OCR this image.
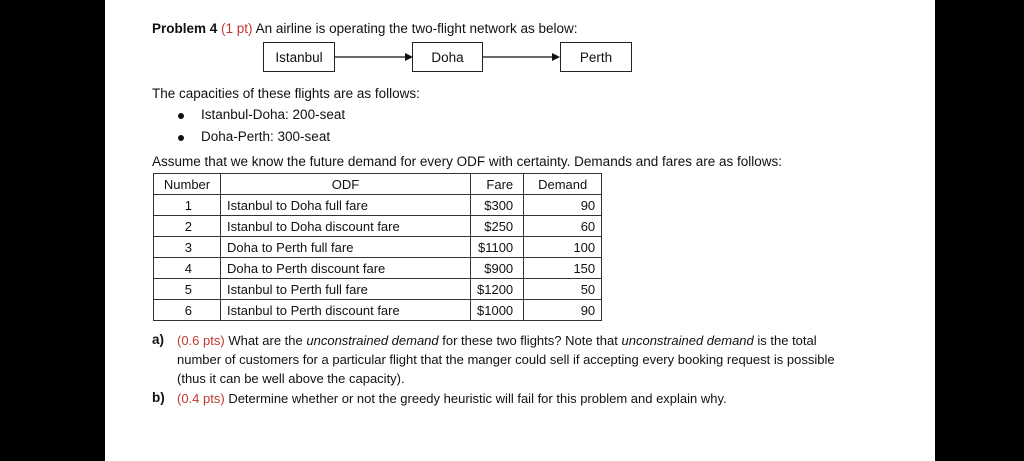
Problem 4 (1 pt) An airline is operating the two-flight network as below:
Istanbul	Doha	Perth
The capacities of these flights are as follows:
Istanbul-Doha: 200-seat
Doha-Perth: 300-seat
Assume that we know the future demand for every ODF with certainty. Demands and fares are as follows:
Number	ODF	Fare	Demand
1	Istanbul to Doha full fare	$300	90
2	Istanbul to Doha discount fare	$250	60
3	Doha to Perth full fare	$1100	100
4	Doha to Perth discount fare	$900	150
5	Istanbul to Perth full fare	$1200	50
6	Istanbul to Perth discount fare	$1000	90
a) (0.6 pts) What are the unconstrained demand for these two flights? Note that unconstrained demand is the total
number of customers for a particular flight that the manger could sell if accepting every booking request is possible
(thus it can be well above the capacity).
b) (0.4 pts) Determine whether or not the greedy heuristic will fail for this problem and explain why.
